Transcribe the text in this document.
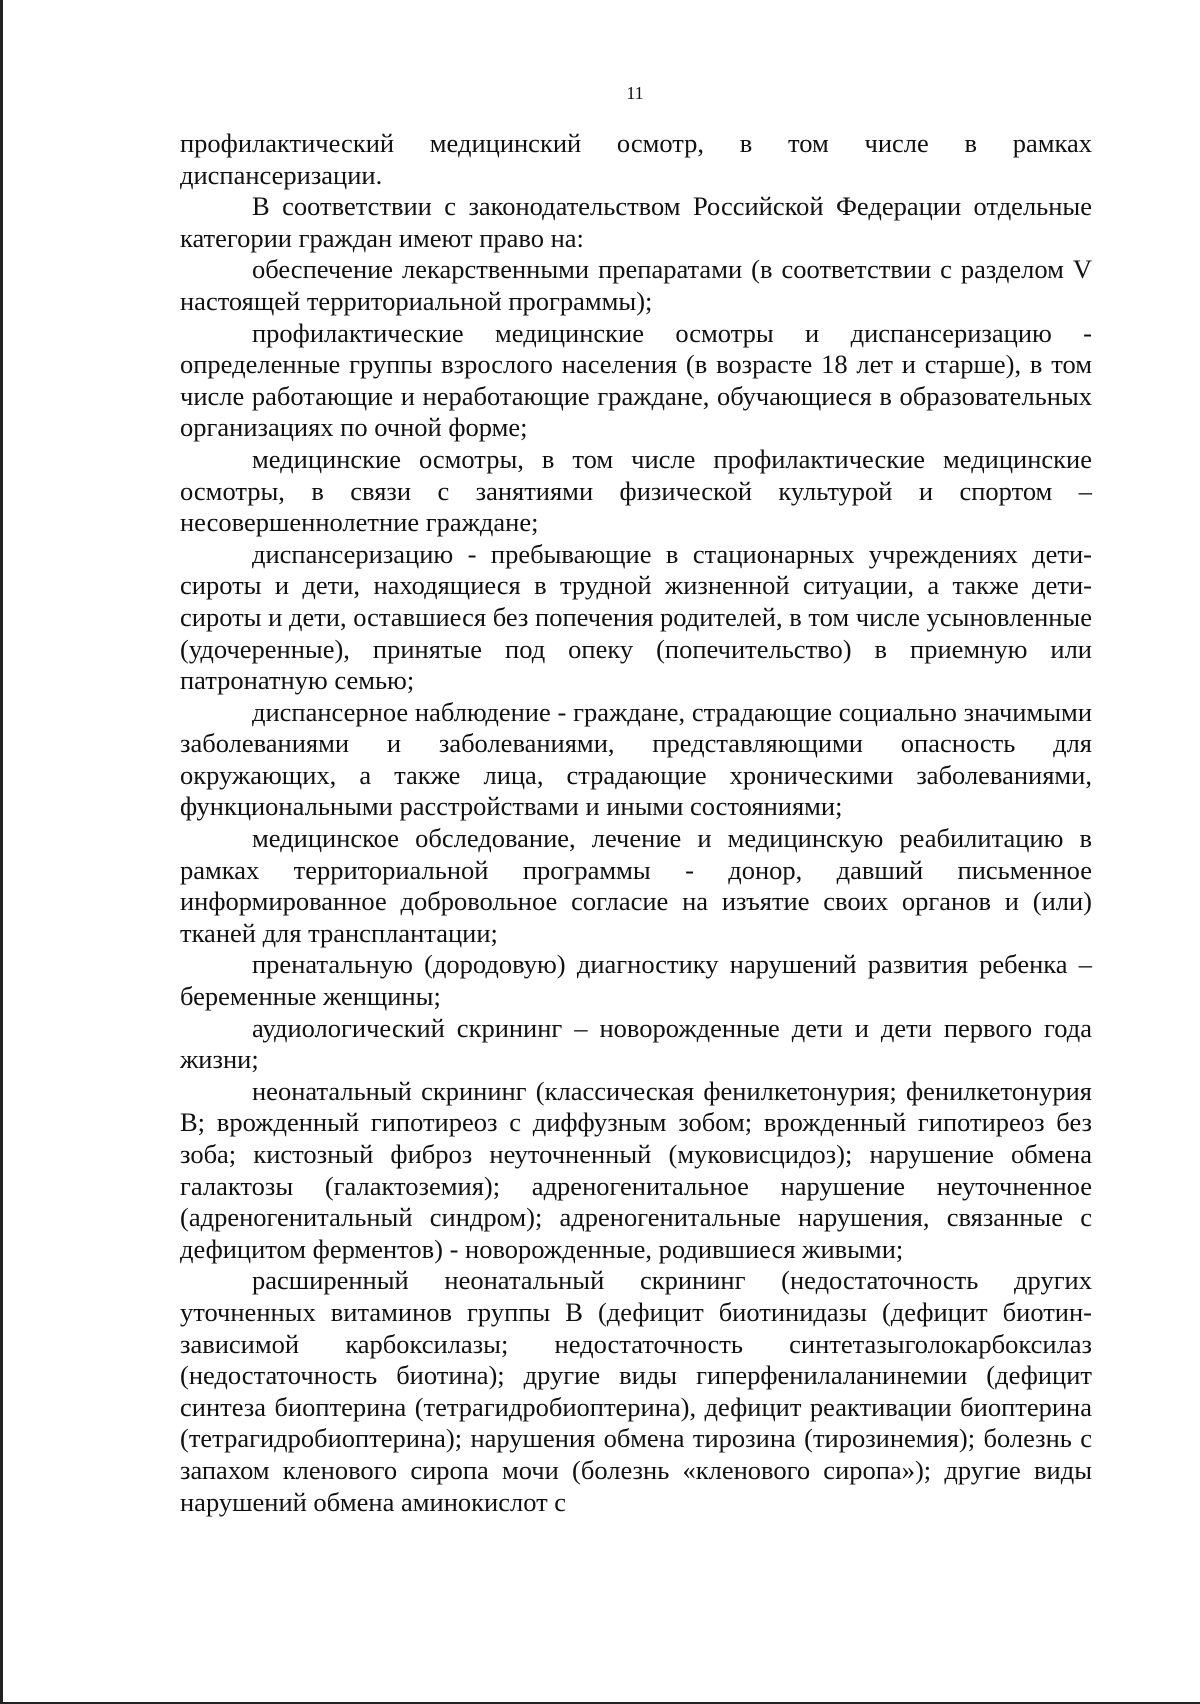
11

профилактический медицинский осмотр, в том числе в рамках диспансеризации.

В соответствии с законодательством Российской Федерации отдельные категории граждан имеют право на:

обеспечение лекарственными препаратами (в соответствии с разделом V настоящей территориальной программы);

профилактические медицинские осмотры и диспансеризацию - определенные группы взрослого населения (в возрасте 18 лет и старше), в том числе работающие и неработающие граждане, обучающиеся в образовательных организациях по очной форме;

медицинские осмотры, в том числе профилактические медицинские осмотры, в связи с занятиями физической культурой и спортом – несовершеннолетние граждане;

диспансеризацию - пребывающие в стационарных учреждениях дети-сироты и дети, находящиеся в трудной жизненной ситуации, а также дети-сироты и дети, оставшиеся без попечения родителей, в том числе усыновленные (удочеренные), принятые под опеку (попечительство) в приемную или патронатную семью;

диспансерное наблюдение - граждане, страдающие социально значимыми заболеваниями и заболеваниями, представляющими опасность для окружающих, а также лица, страдающие хроническими заболеваниями, функциональными расстройствами и иными состояниями;

медицинское обследование, лечение и медицинскую реабилитацию в рамках территориальной программы - донор, давший письменное информированное добровольное согласие на изъятие своих органов и (или) тканей для трансплантации;

пренатальную (дородовую) диагностику нарушений развития ребенка – беременные женщины;

аудиологический скрининг – новорожденные дети и дети первого года жизни;

неонатальный скрининг (классическая фенилкетонурия; фенилкетонурия В; врожденный гипотиреоз с диффузным зобом; врожденный гипотиреоз без зоба; кистозный фиброз неуточненный (муковисцидоз); нарушение обмена галактозы (галактоземия); адреногенитальное нарушение неуточненное (адреногенитальный синдром); адреногенитальные нарушения, связанные с дефицитом ферментов) - новорожденные, родившиеся живыми;

расширенный неонатальный скрининг (недостаточность других уточненных витаминов группы В (дефицит биотинидазы (дефицит биотин-зависимой карбоксилазы; недостаточность синтетазыголокарбоксилаз (недостаточность биотина); другие виды гиперфенилаланинемии (дефицит синтеза биоптерина (тетрагидробиоптерина), дефицит реактивации биоптерина (тетрагидробиоптерина); нарушения обмена тирозина (тирозинемия); болезнь с запахом кленового сиропа мочи (болезнь «кленового сиропа»); другие виды нарушений обмена аминокислот с
